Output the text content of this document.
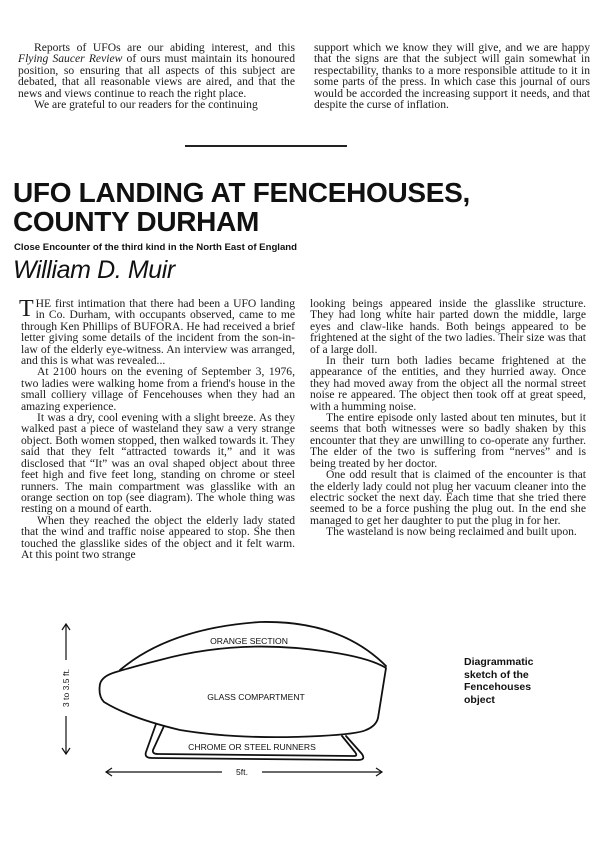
Reports of UFOs are our abiding interest, and this Flying Saucer Review of ours must maintain its honoured position, so ensuring that all aspects of this subject are debated, that all reasonable views are aired, and that the news and views continue to reach the right place.

We are grateful to our readers for the continuing

support which we know they will give, and we are happy that the signs are that the subject will gain somewhat in respectability, thanks to a more responsible attitude to it in some parts of the press. In which case this journal of ours would be accorded the increasing support it needs, and that despite the curse of inflation.

UFO LANDING AT FENCEHOUSES,
COUNTY DURHAM
Close Encounter of the third kind in the North East of England
William D. Muir

THE first intimation that there had been a UFO landing in Co. Durham, with occupants observed, came to me through Ken Phillips of BUFORA. He had received a brief letter giving some details of the incident from the son-in-law of the elderly eye-witness. An interview was arranged, and this is what was revealed...

At 2100 hours on the evening of September 3, 1976, two ladies were walking home from a friend's house in the small colliery village of Fencehouses when they had an amazing experience.

It was a dry, cool evening with a slight breeze. As they walked past a piece of wasteland they saw a very strange object. Both women stopped, then walked towards it. They said that they felt “attracted towards it,” and it was disclosed that “It” was an oval shaped object about three feet high and five feet long, standing on chrome or steel runners. The main compartment was glasslike with an orange section on top (see diagram). The whole thing was resting on a mound of earth.

When they reached the object the elderly lady stated that the wind and traffic noise appeared to stop. She then touched the glasslike sides of the object and it felt warm. At this point two strange

looking beings appeared inside the glasslike structure. They had long white hair parted down the middle, large eyes and claw-like hands. Both beings appeared to be frightened at the sight of the two ladies. Their size was that of a large doll.

In their turn both ladies became frightened at the appearance of the entities, and they hurried away. Once they had moved away from the object all the normal street noise re appeared. The object then took off at great speed, with a humming noise.

The entire episode only lasted about ten minutes, but it seems that both witnesses were so badly shaken by this encounter that they are unwilling to co-operate any further. The elder of the two is suffering from “nerves” and is being treated by her doctor.

One odd result that is claimed of the encounter is that the elderly lady could not plug her vacuum cleaner into the electric socket the next day. Each time that she tried there seemed to be a force pushing the plug out. In the end she managed to get her daughter to put the plug in for her.

The wasteland is now being reclaimed and built upon.

ORANGE SECTION
GLASS COMPARTMENT
CHROME OR STEEL RUNNERS
3 to 3.5 ft.
5ft.
Diagrammatic
sketch of the
Fencehouses
object
